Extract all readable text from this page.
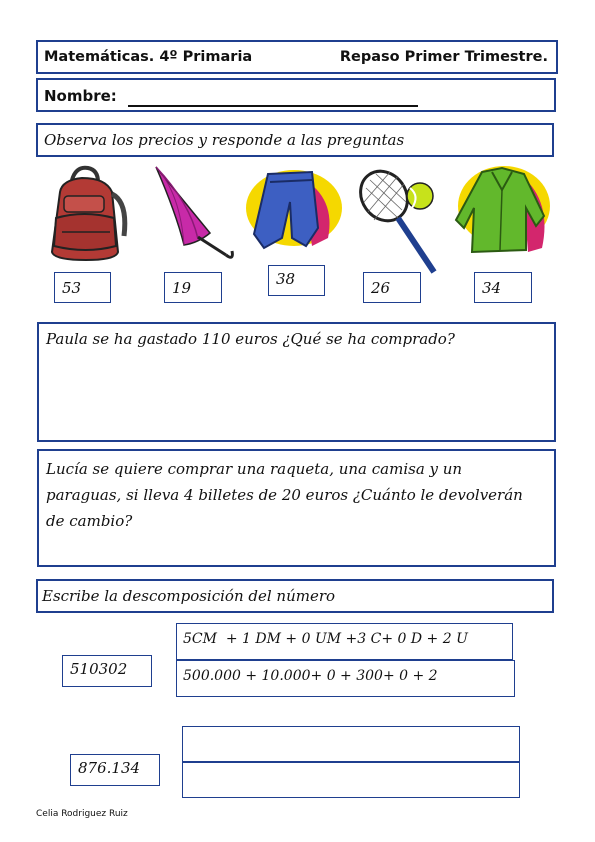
Matemáticas. 4º Primaria	Repaso Primer Trimestre.
Nombre:
Observa los precios y responde a las preguntas
53	19	38	26	34
Paula se ha gastado 110 euros ¿Qué se ha comprado?
Lucía se quiere comprar una raqueta, una camisa y un paraguas, si lleva 4 billetes de 20 euros ¿Cuánto le devolverán de cambio?
Escribe la descomposición del número
510302
5CM  + 1 DM + 0 UM +3 C+ 0 D + 2 U
500.000 + 10.000+ 0 + 300+ 0 + 2
876.134
Celia Rodriguez Ruiz
